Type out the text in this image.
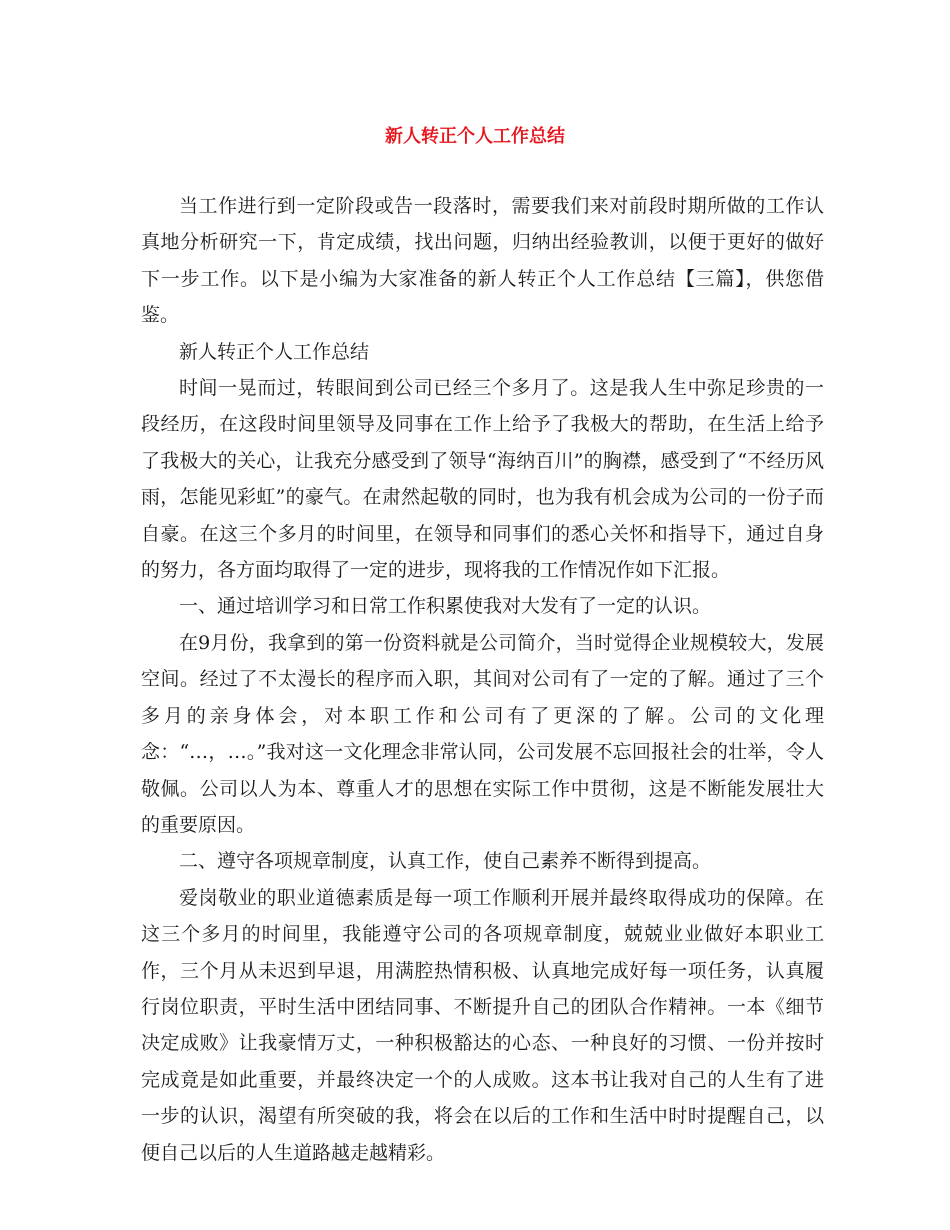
新人转正个人工作总结

当工作进行到一定阶段或告一段落时，需要我们来对前段时期所做的工作认真地分析研究一下，肯定成绩，找出问题，归纳出经验教训，以便于更好的做好下一步工作。以下是小编为大家准备的新人转正个人工作总结【三篇】，供您借鉴。

新人转正个人工作总结

时间一晃而过，转眼间到公司已经三个多月了。这是我人生中弥足珍贵的一段经历，在这段时间里领导及同事在工作上给予了我极大的帮助，在生活上给予了我极大的关心，让我充分感受到了领导“海纳百川”的胸襟，感受到了“不经历风雨，怎能见彩虹”的豪气。在肃然起敬的同时，也为我有机会成为公司的一份子而自豪。在这三个多月的时间里，在领导和同事们的悉心关怀和指导下，通过自身的努力，各方面均取得了一定的进步，现将我的工作情况作如下汇报。

一、通过培训学习和日常工作积累使我对大发有了一定的认识。

在9月份，我拿到的第一份资料就是公司简介，当时觉得企业规模较大，发展空间。经过了不太漫长的程序而入职，其间对公司有了一定的了解。通过了三个多月的亲身体会，对本职工作和公司有了更深的了解。公司的文化理念：“…，…。”我对这一文化理念非常认同，公司发展不忘回报社会的壮举，令人敬佩。公司以人为本、尊重人才的思想在实际工作中贯彻，这是不断能发展壮大的重要原因。

二、遵守各项规章制度，认真工作，使自己素养不断得到提高。

爱岗敬业的职业道德素质是每一项工作顺利开展并最终取得成功的保障。在这三个多月的时间里，我能遵守公司的各项规章制度，兢兢业业做好本职业工作，三个月从未迟到早退，用满腔热情积极、认真地完成好每一项任务，认真履行岗位职责，平时生活中团结同事、不断提升自己的团队合作精神。一本《细节决定成败》让我豪情万丈，一种积极豁达的心态、一种良好的习惯、一份并按时完成竟是如此重要，并最终决定一个的人成败。这本书让我对自己的人生有了进一步的认识，渴望有所突破的我，将会在以后的工作和生活中时时提醒自己，以便自己以后的人生道路越走越精彩。
